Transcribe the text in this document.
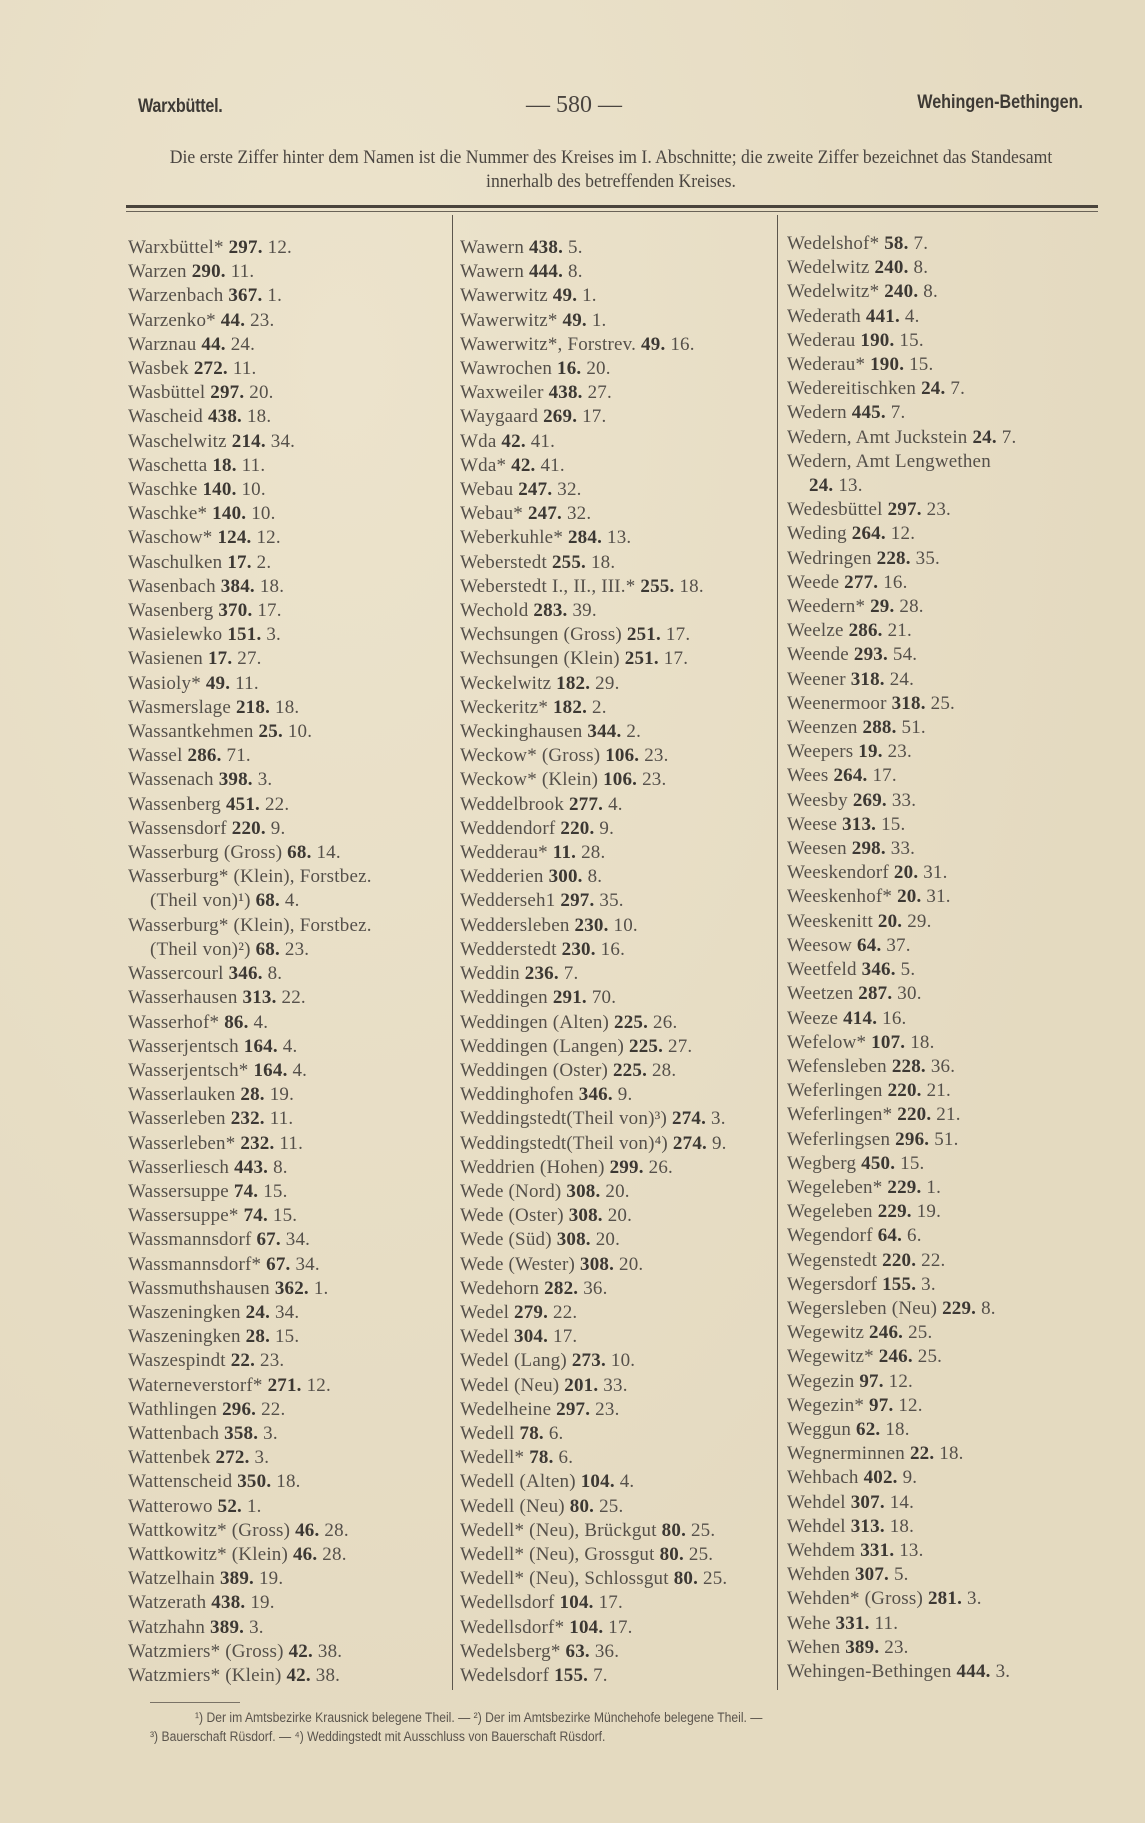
Warxbüttel.	— 580 —	Wehingen-Bethingen.
Die erste Ziffer hinter dem Namen ist die Nummer des Kreises im I. Abschnitte; die zweite Ziffer bezeichnet das Standesamt innerhalb des betreffenden Kreises.
Warxbüttel* 297. 12.
Warzen 290. 11.
Warzenbach 367. 1.
Warzenko* 44. 23.
Warznau 44. 24.
Wasbek 272. 11.
Wasbüttel 297. 20.
Wascheid 438. 18.
Waschelwitz 214. 34.
Waschetta 18. 11.
Waschke 140. 10.
Waschke* 140. 10.
Waschow* 124. 12.
Waschulken 17. 2.
Wasenbach 384. 18.
Wasenberg 370. 17.
Wasielewko 151. 3.
Wasienen 17. 27.
Wasioly* 49. 11.
Wasmerslage 218. 18.
Wassantkehmen 25. 10.
Wassel 286. 71.
Wassenach 398. 3.
Wassenberg 451. 22.
Wassensdorf 220. 9.
Wasserburg (Gross) 68. 14.
Wasserburg* (Klein), Forstbez.
(Theil von)¹) 68. 4.
Wasserburg* (Klein), Forstbez.
(Theil von)²) 68. 23.
Wassercourl 346. 8.
Wasserhausen 313. 22.
Wasserhof* 86. 4.
Wasserjentsch 164. 4.
Wasserjentsch* 164. 4.
Wasserlauken 28. 19.
Wasserleben 232. 11.
Wasserleben* 232. 11.
Wasserliesch 443. 8.
Wassersuppe 74. 15.
Wassersuppe* 74. 15.
Wassmannsdorf 67. 34.
Wassmannsdorf* 67. 34.
Wassmuthshausen 362. 1.
Waszeningken 24. 34.
Waszeningken 28. 15.
Waszespindt 22. 23.
Waterneverstorf* 271. 12.
Wathlingen 296. 22.
Wattenbach 358. 3.
Wattenbek 272. 3.
Wattenscheid 350. 18.
Watterowo 52. 1.
Wattkowitz* (Gross) 46. 28.
Wattkowitz* (Klein) 46. 28.
Watzelhain 389. 19.
Watzerath 438. 19.
Watzhahn 389. 3.
Watzmiers* (Gross) 42. 38.
Watzmiers* (Klein) 42. 38.
Wawern 438. 5.
Wawern 444. 8.
Wawerwitz 49. 1.
Wawerwitz* 49. 1.
Wawerwitz*, Forstrev. 49. 16.
Wawrochen 16. 20.
Waxweiler 438. 27.
Waygaard 269. 17.
Wda 42. 41.
Wda* 42. 41.
Webau 247. 32.
Webau* 247. 32.
Weberkuhle* 284. 13.
Weberstedt 255. 18.
Weberstedt I., II., III.* 255. 18.
Wechold 283. 39.
Wechsungen (Gross) 251. 17.
Wechsungen (Klein) 251. 17.
Weckelwitz 182. 29.
Weckeritz* 182. 2.
Weckinghausen 344. 2.
Weckow* (Gross) 106. 23.
Weckow* (Klein) 106. 23.
Weddelbrook 277. 4.
Weddendorf 220. 9.
Wedderau* 11. 28.
Wedderien 300. 8.
Wedderseh1 297. 35.
Weddersleben 230. 10.
Wedderstedt 230. 16.
Weddin 236. 7.
Weddingen 291. 70.
Weddingen (Alten) 225. 26.
Weddingen (Langen) 225. 27.
Weddingen (Oster) 225. 28.
Weddinghofen 346. 9.
Weddingstedt(Theil von)³) 274. 3.
Weddingstedt(Theil von)⁴) 274. 9.
Weddrien (Hohen) 299. 26.
Wede (Nord) 308. 20.
Wede (Oster) 308. 20.
Wede (Süd) 308. 20.
Wede (Wester) 308. 20.
Wedehorn 282. 36.
Wedel 279. 22.
Wedel 304. 17.
Wedel (Lang) 273. 10.
Wedel (Neu) 201. 33.
Wedelheine 297. 23.
Wedell 78. 6.
Wedell* 78. 6.
Wedell (Alten) 104. 4.
Wedell (Neu) 80. 25.
Wedell* (Neu), Brückgut 80. 25.
Wedell* (Neu), Grossgut 80. 25.
Wedell* (Neu), Schlossgut 80. 25.
Wedellsdorf 104. 17.
Wedellsdorf* 104. 17.
Wedelsberg* 63. 36.
Wedelsdorf 155. 7.
Wedelshof* 58. 7.
Wedelwitz 240. 8.
Wedelwitz* 240. 8.
Wederath 441. 4.
Wederau 190. 15.
Wederau* 190. 15.
Wedereitischken 24. 7.
Wedern 445. 7.
Wedern, Amt Juckstein 24. 7.
Wedern, Amt Lengwethen
24. 13.
Wedesbüttel 297. 23.
Weding 264. 12.
Wedringen 228. 35.
Weede 277. 16.
Weedern* 29. 28.
Weelze 286. 21.
Weende 293. 54.
Weener 318. 24.
Weenermoor 318. 25.
Weenzen 288. 51.
Weepers 19. 23.
Wees 264. 17.
Weesby 269. 33.
Weese 313. 15.
Weesen 298. 33.
Weeskendorf 20. 31.
Weeskenhof* 20. 31.
Weeskenitt 20. 29.
Weesow 64. 37.
Weetfeld 346. 5.
Weetzen 287. 30.
Weeze 414. 16.
Wefelow* 107. 18.
Wefensleben 228. 36.
Weferlingen 220. 21.
Weferlingen* 220. 21.
Weferlingsen 296. 51.
Wegberg 450. 15.
Wegeleben* 229. 1.
Wegeleben 229. 19.
Wegendorf 64. 6.
Wegenstedt 220. 22.
Wegersdorf 155. 3.
Wegersleben (Neu) 229. 8.
Wegewitz 246. 25.
Wegewitz* 246. 25.
Wegezin 97. 12.
Wegezin* 97. 12.
Weggun 62. 18.
Wegnerminnen 22. 18.
Wehbach 402. 9.
Wehdel 307. 14.
Wehdel 313. 18.
Wehdem 331. 13.
Wehden 307. 5.
Wehden* (Gross) 281. 3.
Wehe 331. 11.
Wehen 389. 23.
Wehingen-Bethingen 444. 3.
¹) Der im Amtsbezirke Krausnick belegene Theil. — ²) Der im Amtsbezirke Münchehofe belegene Theil. —
³) Bauerschaft Rüsdorf. — ⁴) Weddingstedt mit Ausschluss von Bauerschaft Rüsdorf.
